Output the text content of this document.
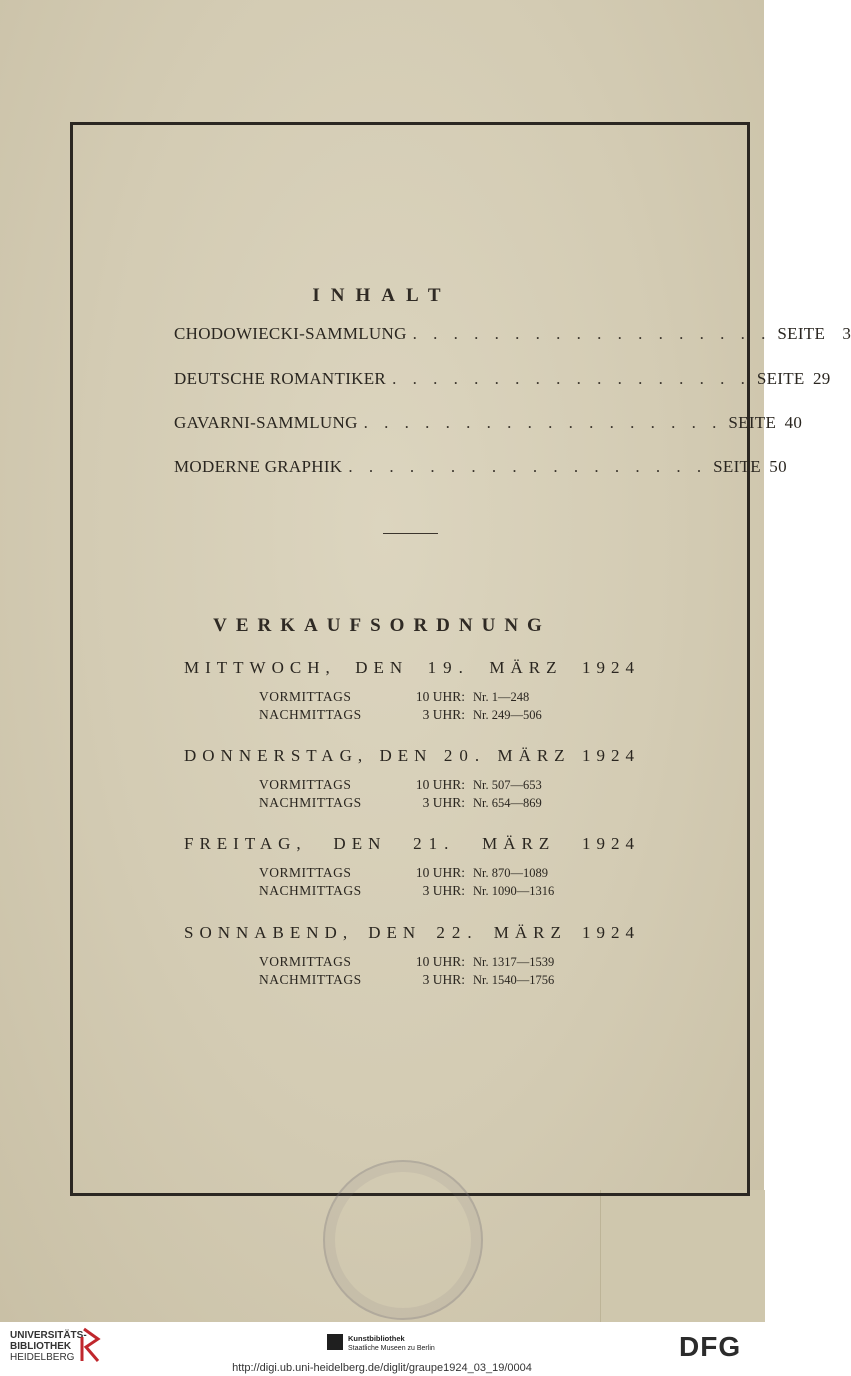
INHALT
CHODOWIECKI-SAMMLUNG . . . . . . . . . . . . . . . . . . SEITE 3
DEUTSCHE ROMANTIKER . . . . . . . . . . . . . . . . . . SEITE 29
GAVARNI-SAMMLUNG . . . . . . . . . . . . . . . . . . SEITE 40
MODERNE GRAPHIK . . . . . . . . . . . . . . . . . . SEITE 50
VERKAUFSORDNUNG
MITTWOCH, DEN 19. MÄRZ 1924
VORMITTAGS	10 UHR: Nr. 1—248
NACHMITTAGS	3 UHR: Nr. 249—506
DONNERSTAG, DEN 20. MÄRZ 1924
VORMITTAGS	10 UHR: Nr. 507—653
NACHMITTAGS	3 UHR: Nr. 654—869
FREITAG, DEN 21. MÄRZ 1924
VORMITTAGS	10 UHR: Nr. 870—1089
NACHMITTAGS	3 UHR: Nr. 1090—1316
SONNABEND, DEN 22. MÄRZ 1924
VORMITTAGS	10 UHR: Nr. 1317—1539
NACHMITTAGS	3 UHR: Nr. 1540—1756
UNIVERSITÄTS-
BIBLIOTHEK
HEIDELBERG
Kunstbibliothek
Staatliche Museen zu Berlin	DFG
http://digi.ub.uni-heidelberg.de/diglit/graupe1924_03_19/0004
